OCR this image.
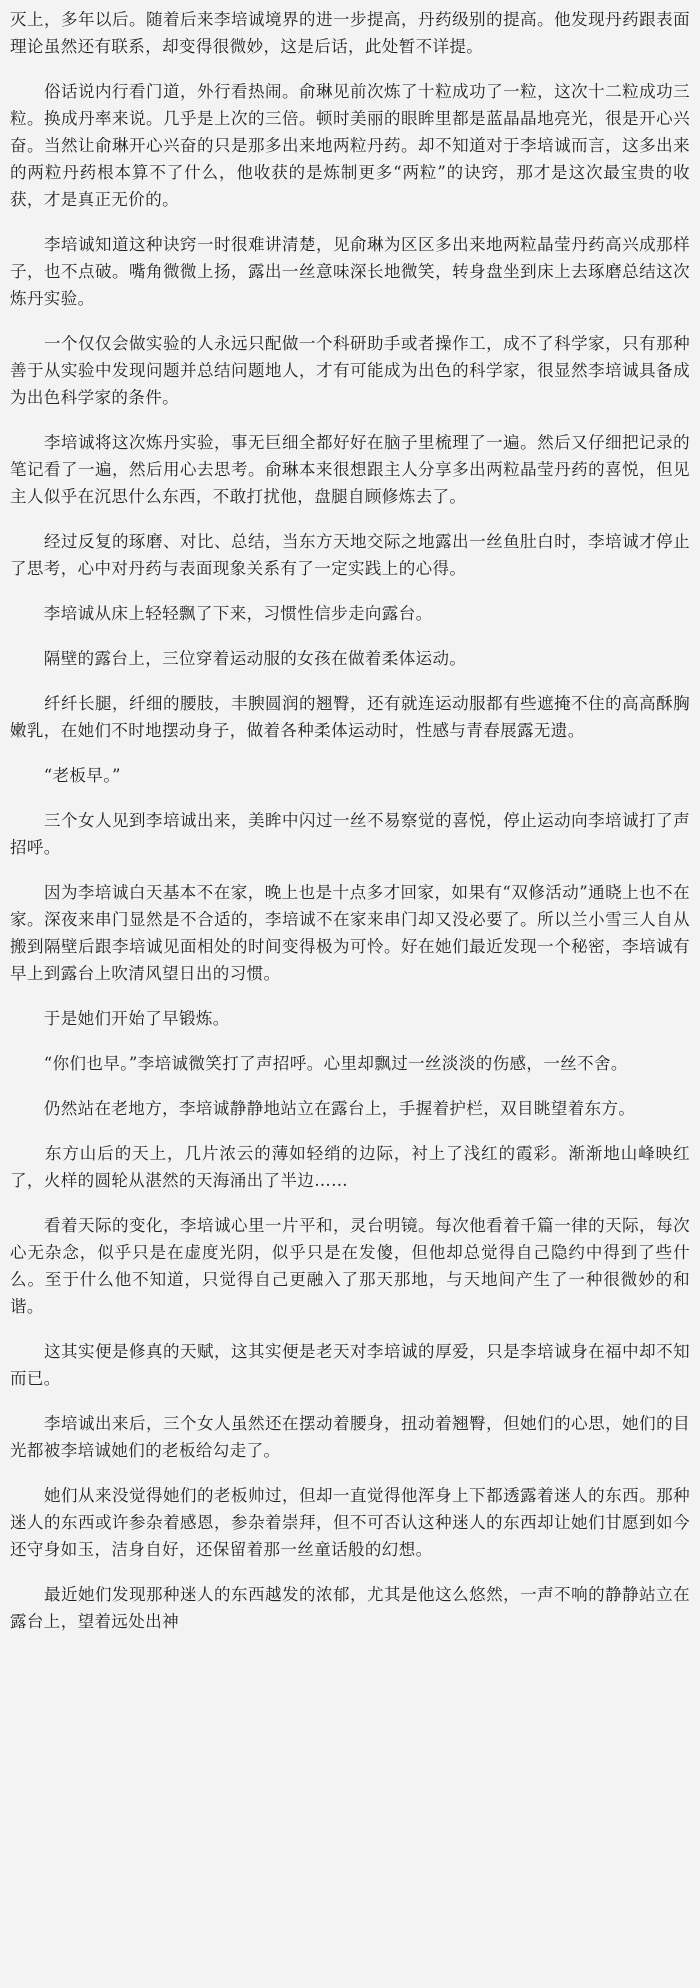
灭上，多年以后。随着后来李培诚境界的进一步提高，丹药级别的提高。他发现丹药跟表面理论虽然还有联系，却变得很微妙，这是后话，此处暂不详提。

　　俗话说内行看门道，外行看热闹。俞琳见前次炼了十粒成功了一粒，这次十二粒成功三粒。换成丹率来说。几乎是上次的三倍。顿时美丽的眼眸里都是蓝晶晶地亮光，很是开心兴奋。当然让俞琳开心兴奋的只是那多出来地两粒丹药。却不知道对于李培诚而言，这多出来的两粒丹药根本算不了什么，他收获的是炼制更多“两粒”的诀窍，那才是这次最宝贵的收获，才是真正无价的。

　　李培诚知道这种诀窍一时很难讲清楚，见俞琳为区区多出来地两粒晶莹丹药高兴成那样子，也不点破。嘴角微微上扬，露出一丝意味深长地微笑，转身盘坐到床上去琢磨总结这次炼丹实验。

　　一个仅仅会做实验的人永远只配做一个科研助手或者操作工，成不了科学家，只有那种善于从实验中发现问题并总结问题地人，才有可能成为出色的科学家，很显然李培诚具备成为出色科学家的条件。

　　李培诚将这次炼丹实验，事无巨细全都好好在脑子里梳理了一遍。然后又仔细把记录的笔记看了一遍，然后用心去思考。俞琳本来很想跟主人分享多出两粒晶莹丹药的喜悦，但见主人似乎在沉思什么东西，不敢打扰他，盘腿自顾修炼去了。

　　经过反复的琢磨、对比、总结，当东方天地交际之地露出一丝鱼肚白时，李培诚才停止了思考，心中对丹药与表面现象关系有了一定实践上的心得。

　　李培诚从床上轻轻飘了下来，习惯性信步走向露台。

　　隔壁的露台上，三位穿着运动服的女孩在做着柔体运动。

　　纤纤长腿，纤细的腰肢，丰腴圆润的翘臀，还有就连运动服都有些遮掩不住的高高酥胸嫩乳，在她们不时地摆动身子，做着各种柔体运动时，性感与青春展露无遗。

　　“老板早。”

　　三个女人见到李培诚出来，美眸中闪过一丝不易察觉的喜悦，停止运动向李培诚打了声招呼。

　　因为李培诚白天基本不在家，晚上也是十点多才回家，如果有“双修活动”通晓上也不在家。深夜来串门显然是不合适的，李培诚不在家来串门却又没必要了。所以兰小雪三人自从搬到隔壁后跟李培诚见面相处的时间变得极为可怜。好在她们最近发现一个秘密，李培诚有早上到露台上吹清风望日出的习惯。

　　于是她们开始了早锻炼。

　　“你们也早。”李培诚微笑打了声招呼。心里却飘过一丝淡淡的伤感，一丝不舍。

　　仍然站在老地方，李培诚静静地站立在露台上，手握着护栏，双目眺望着东方。

　　东方山后的天上，几片浓云的薄如轻绡的边际，衬上了浅红的霞彩。渐渐地山峰映红了，火样的圆轮从湛然的天海涌出了半边……

　　看着天际的变化，李培诚心里一片平和，灵台明镜。每次他看着千篇一律的天际，每次心无杂念，似乎只是在虚度光阴，似乎只是在发傻，但他却总觉得自己隐约中得到了些什么。至于什么他不知道，只觉得自己更融入了那天那地，与天地间产生了一种很微妙的和谐。

　　这其实便是修真的天赋，这其实便是老天对李培诚的厚爱，只是李培诚身在福中却不知而已。

　　李培诚出来后，三个女人虽然还在摆动着腰身，扭动着翘臀，但她们的心思，她们的目光都被李培诚她们的老板给勾走了。

　　她们从来没觉得她们的老板帅过，但却一直觉得他浑身上下都透露着迷人的东西。那种迷人的东西或许参杂着感恩，参杂着崇拜，但不可否认这种迷人的东西却让她们甘愿到如今还守身如玉，洁身自好，还保留着那一丝童话般的幻想。

　　最近她们发现那种迷人的东西越发的浓郁，尤其是他这么悠然，一声不响的静静站立在露台上，望着远处出神
